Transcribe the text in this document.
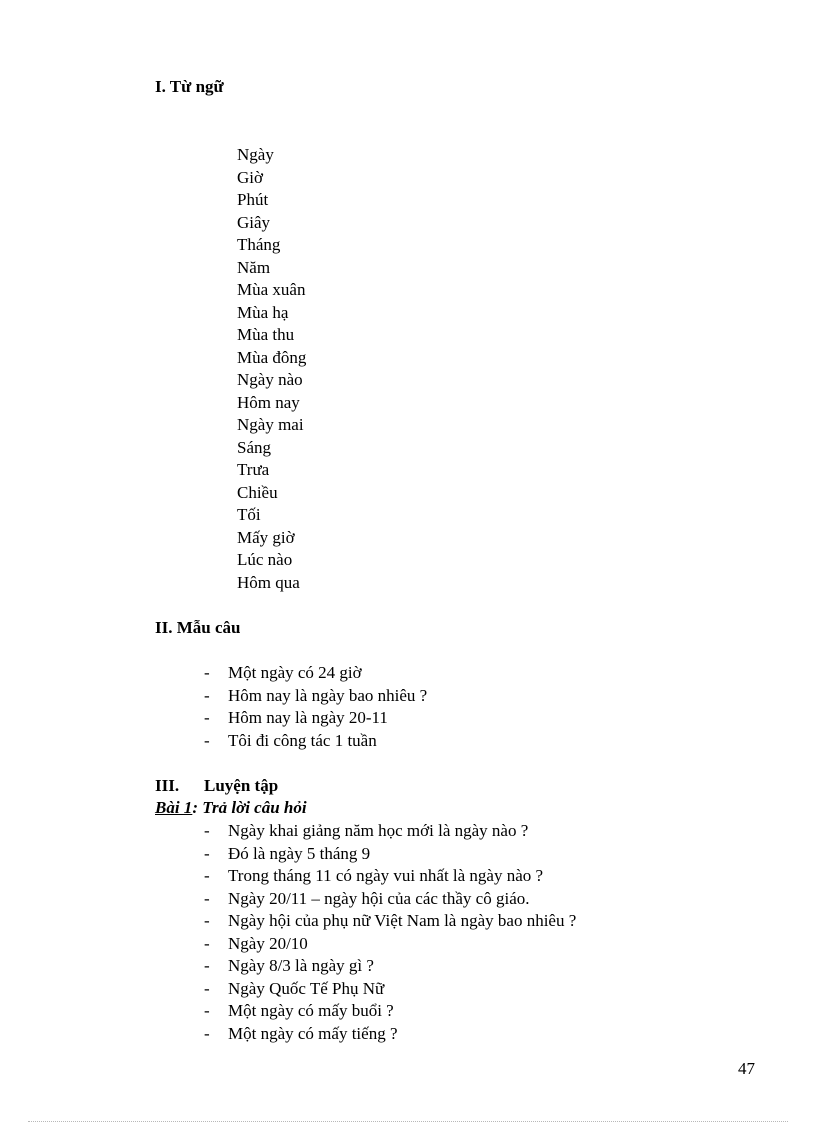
I. Từ ngữ
Ngày
Giờ
Phút
Giây
Tháng
Năm
Mùa xuân
Mùa hạ
Mùa thu
Mùa đông
Ngày nào
Hôm nay
Ngày mai
Sáng
Trưa
Chiều
Tối
Mấy giờ
Lúc nào
Hôm qua
II. Mẫu câu
- Một ngày có 24 giờ
- Hôm nay là ngày bao nhiêu ?
- Hôm nay là ngày 20-11
- Tôi đi công tác 1 tuần
III. Luyện tập
Bài 1: Trả lời câu hỏi
- Ngày khai giảng năm học mới là ngày nào ?
- Đó là ngày 5 tháng 9
- Trong tháng 11 có ngày vui nhất là ngày nào ?
- Ngày 20/11 – ngày hội của các thầy cô giáo.
- Ngày hội của phụ nữ Việt Nam là ngày bao nhiêu ?
- Ngày 20/10
- Ngày 8/3 là ngày gì ?
- Ngày Quốc Tế Phụ Nữ
- Một ngày có mấy buổi ?
- Một ngày có mấy tiếng ?
47
